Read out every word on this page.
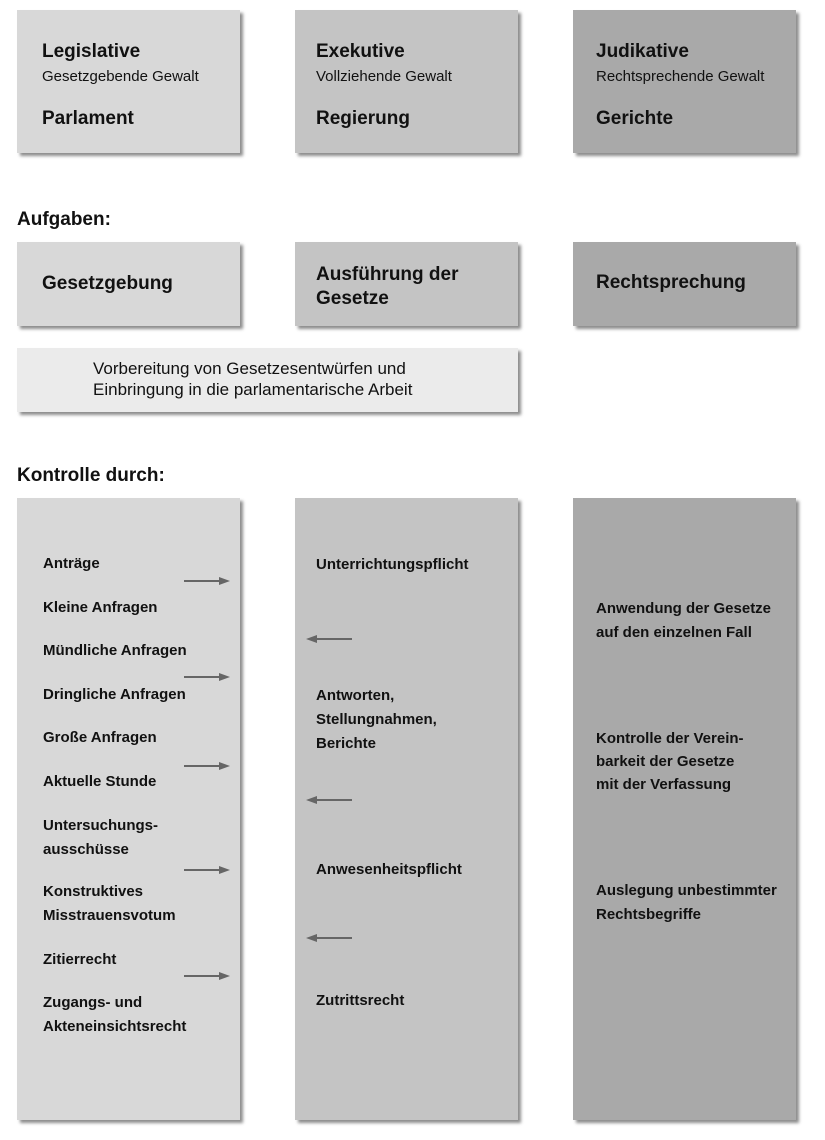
Legislative
Gesetzgebende Gewalt
Parlament
Exekutive
Vollziehende Gewalt
Regierung
Judikative
Rechtsprechende Gewalt
Gerichte
Aufgaben:
Gesetzgebung	Ausführung der
Gesetze
Rechtsprechung
Vorbereitung von Gesetzesentwürfen und
Einbringung in die parlamentarische Arbeit
Kontrolle durch:
Anträge
Kleine Anfragen
Mündliche Anfragen
Dringliche Anfragen
Große Anfragen
Aktuelle Stunde
Untersuchungs-
ausschüsse
Konstruktives
Misstrauensvotum
Zitierrecht
Zugangs- und
Akteneinsichtsrecht
Unterrichtungspflicht
Antworten,
Stellungnahmen,
Berichte
Anwesenheitspflicht
Zutrittsrecht
Anwendung der Gesetze
auf den einzelnen Fall
Kontrolle der Verein-
barkeit der Gesetze
mit der Verfassung
Auslegung unbestimmter
Rechtsbegriffe
